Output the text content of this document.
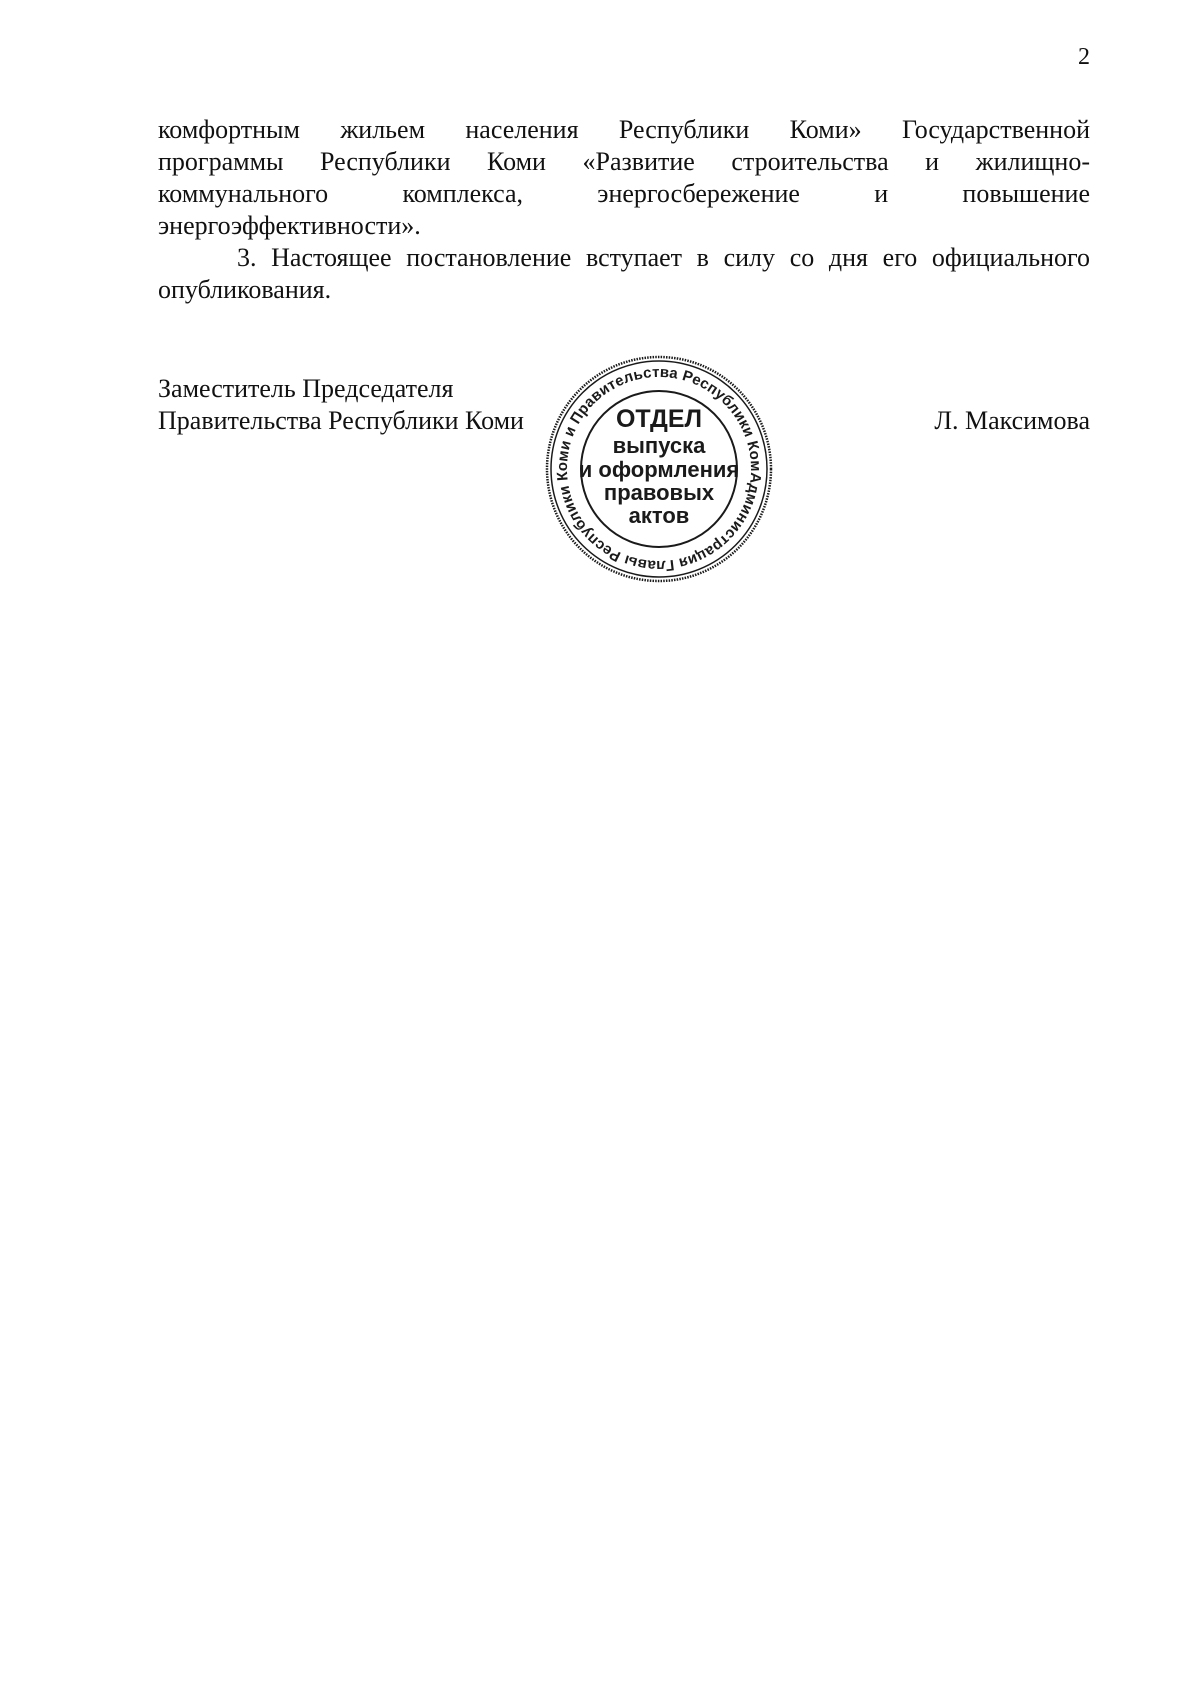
2

комфортным жильем населения Республики Коми» Государственной
программы Республики Коми «Развитие строительства и жилищно-
коммунального комплекса, энергосбережение и повышение
энергоэффективности».

3. Настоящее постановление вступает в силу со дня его официального
опубликования.

Заместитель Председателя
Правительства Республики Коми	Л. Максимова
Администрация Главы Республики Коми и Правительства Республики Коми
ОТДЕЛ
выпуска
и оформления
правовых
актов
